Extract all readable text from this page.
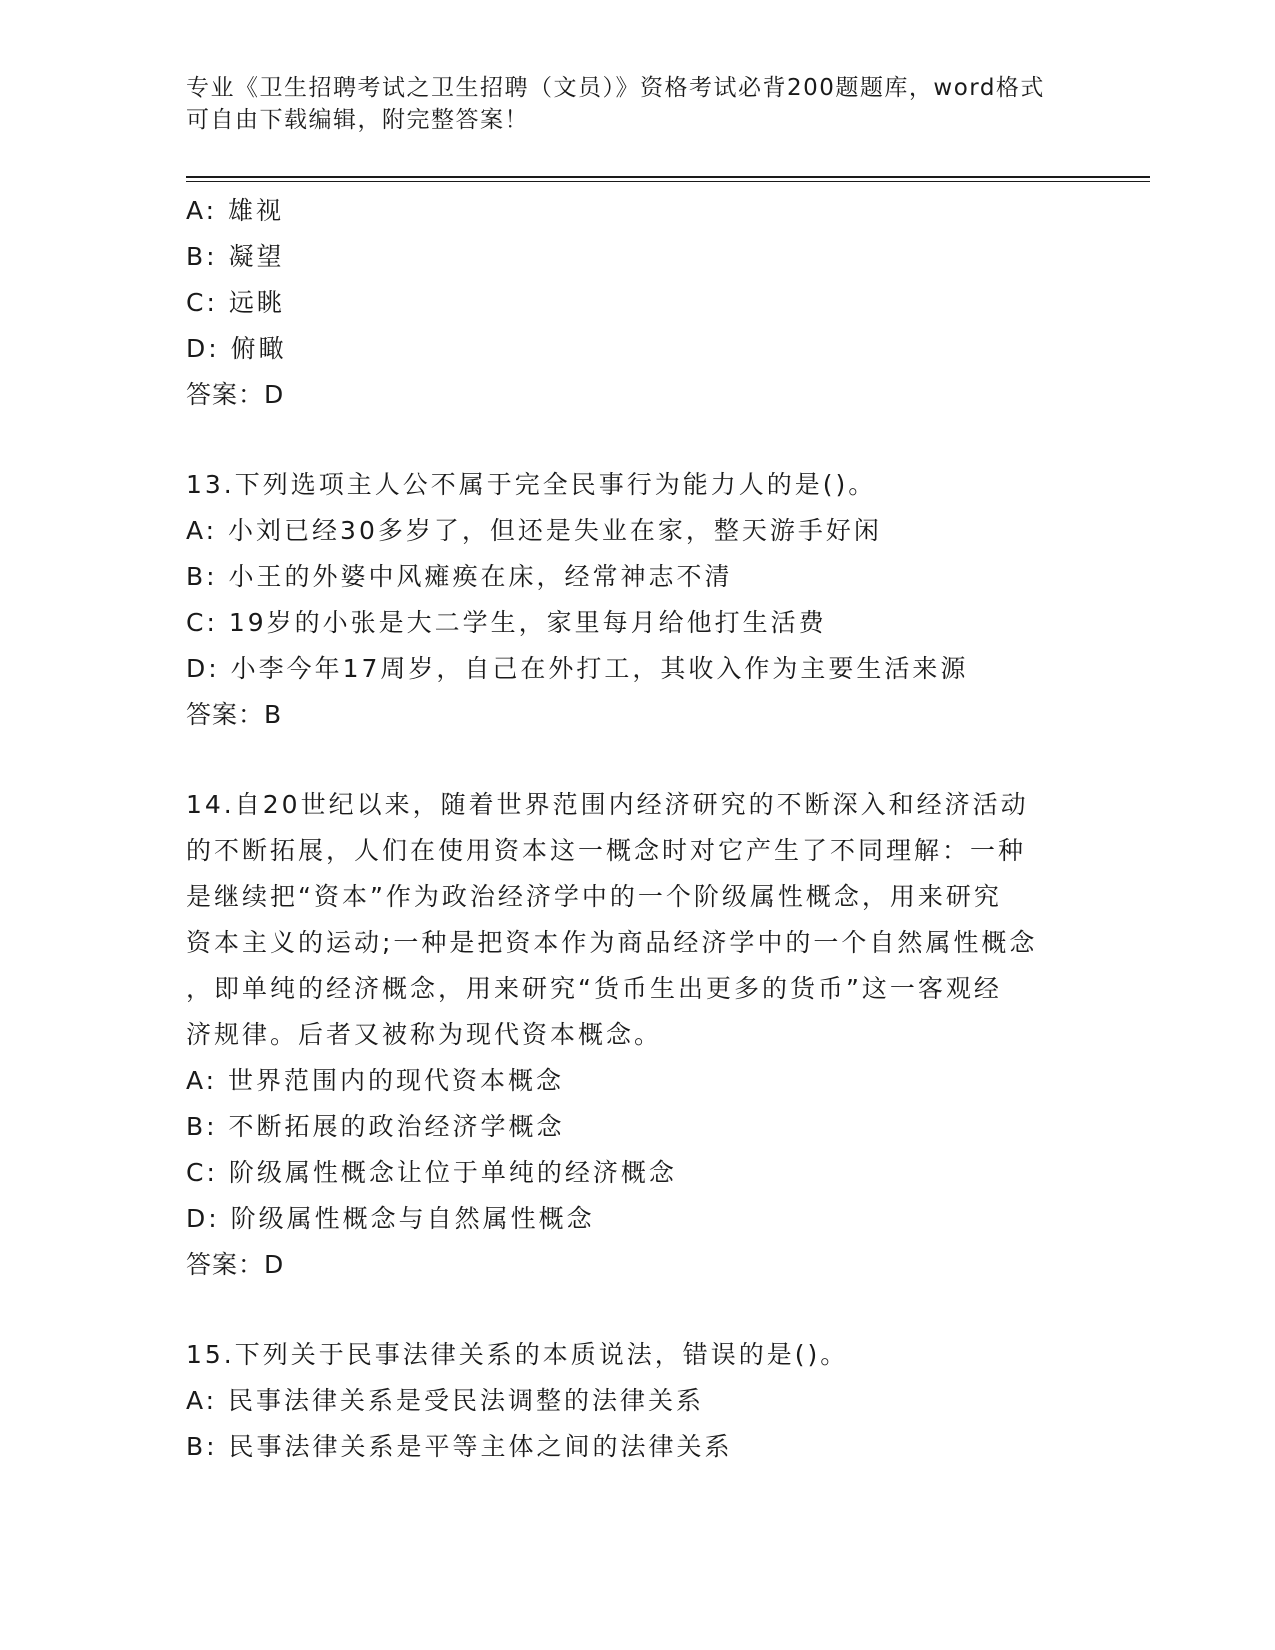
专业《卫生招聘考试之卫生招聘（文员）》资格考试必背200题题库，word格式
可自由下载编辑，附完整答案！
A: 雄视
B: 凝望
C: 远眺
D: 俯瞰
答案：D
13.下列选项主人公不属于完全民事行为能力人的是()。
A: 小刘已经30多岁了，但还是失业在家，整天游手好闲
B: 小王的外婆中风瘫痪在床，经常神志不清
C: 19岁的小张是大二学生，家里每月给他打生活费
D: 小李今年17周岁，自己在外打工，其收入作为主要生活来源
答案：B
14.自20世纪以来，随着世界范围内经济研究的不断深入和经济活动
的不断拓展，人们在使用资本这一概念时对它产生了不同理解：一种
是继续把“资本”作为政治经济学中的一个阶级属性概念，用来研究
资本主义的运动;一种是把资本作为商品经济学中的一个自然属性概念
，即单纯的经济概念，用来研究“货币生出更多的货币”这一客观经
济规律。后者又被称为现代资本概念。
A: 世界范围内的现代资本概念
B: 不断拓展的政治经济学概念
C: 阶级属性概念让位于单纯的经济概念
D: 阶级属性概念与自然属性概念
答案：D
15.下列关于民事法律关系的本质说法，错误的是()。
A: 民事法律关系是受民法调整的法律关系
B: 民事法律关系是平等主体之间的法律关系
